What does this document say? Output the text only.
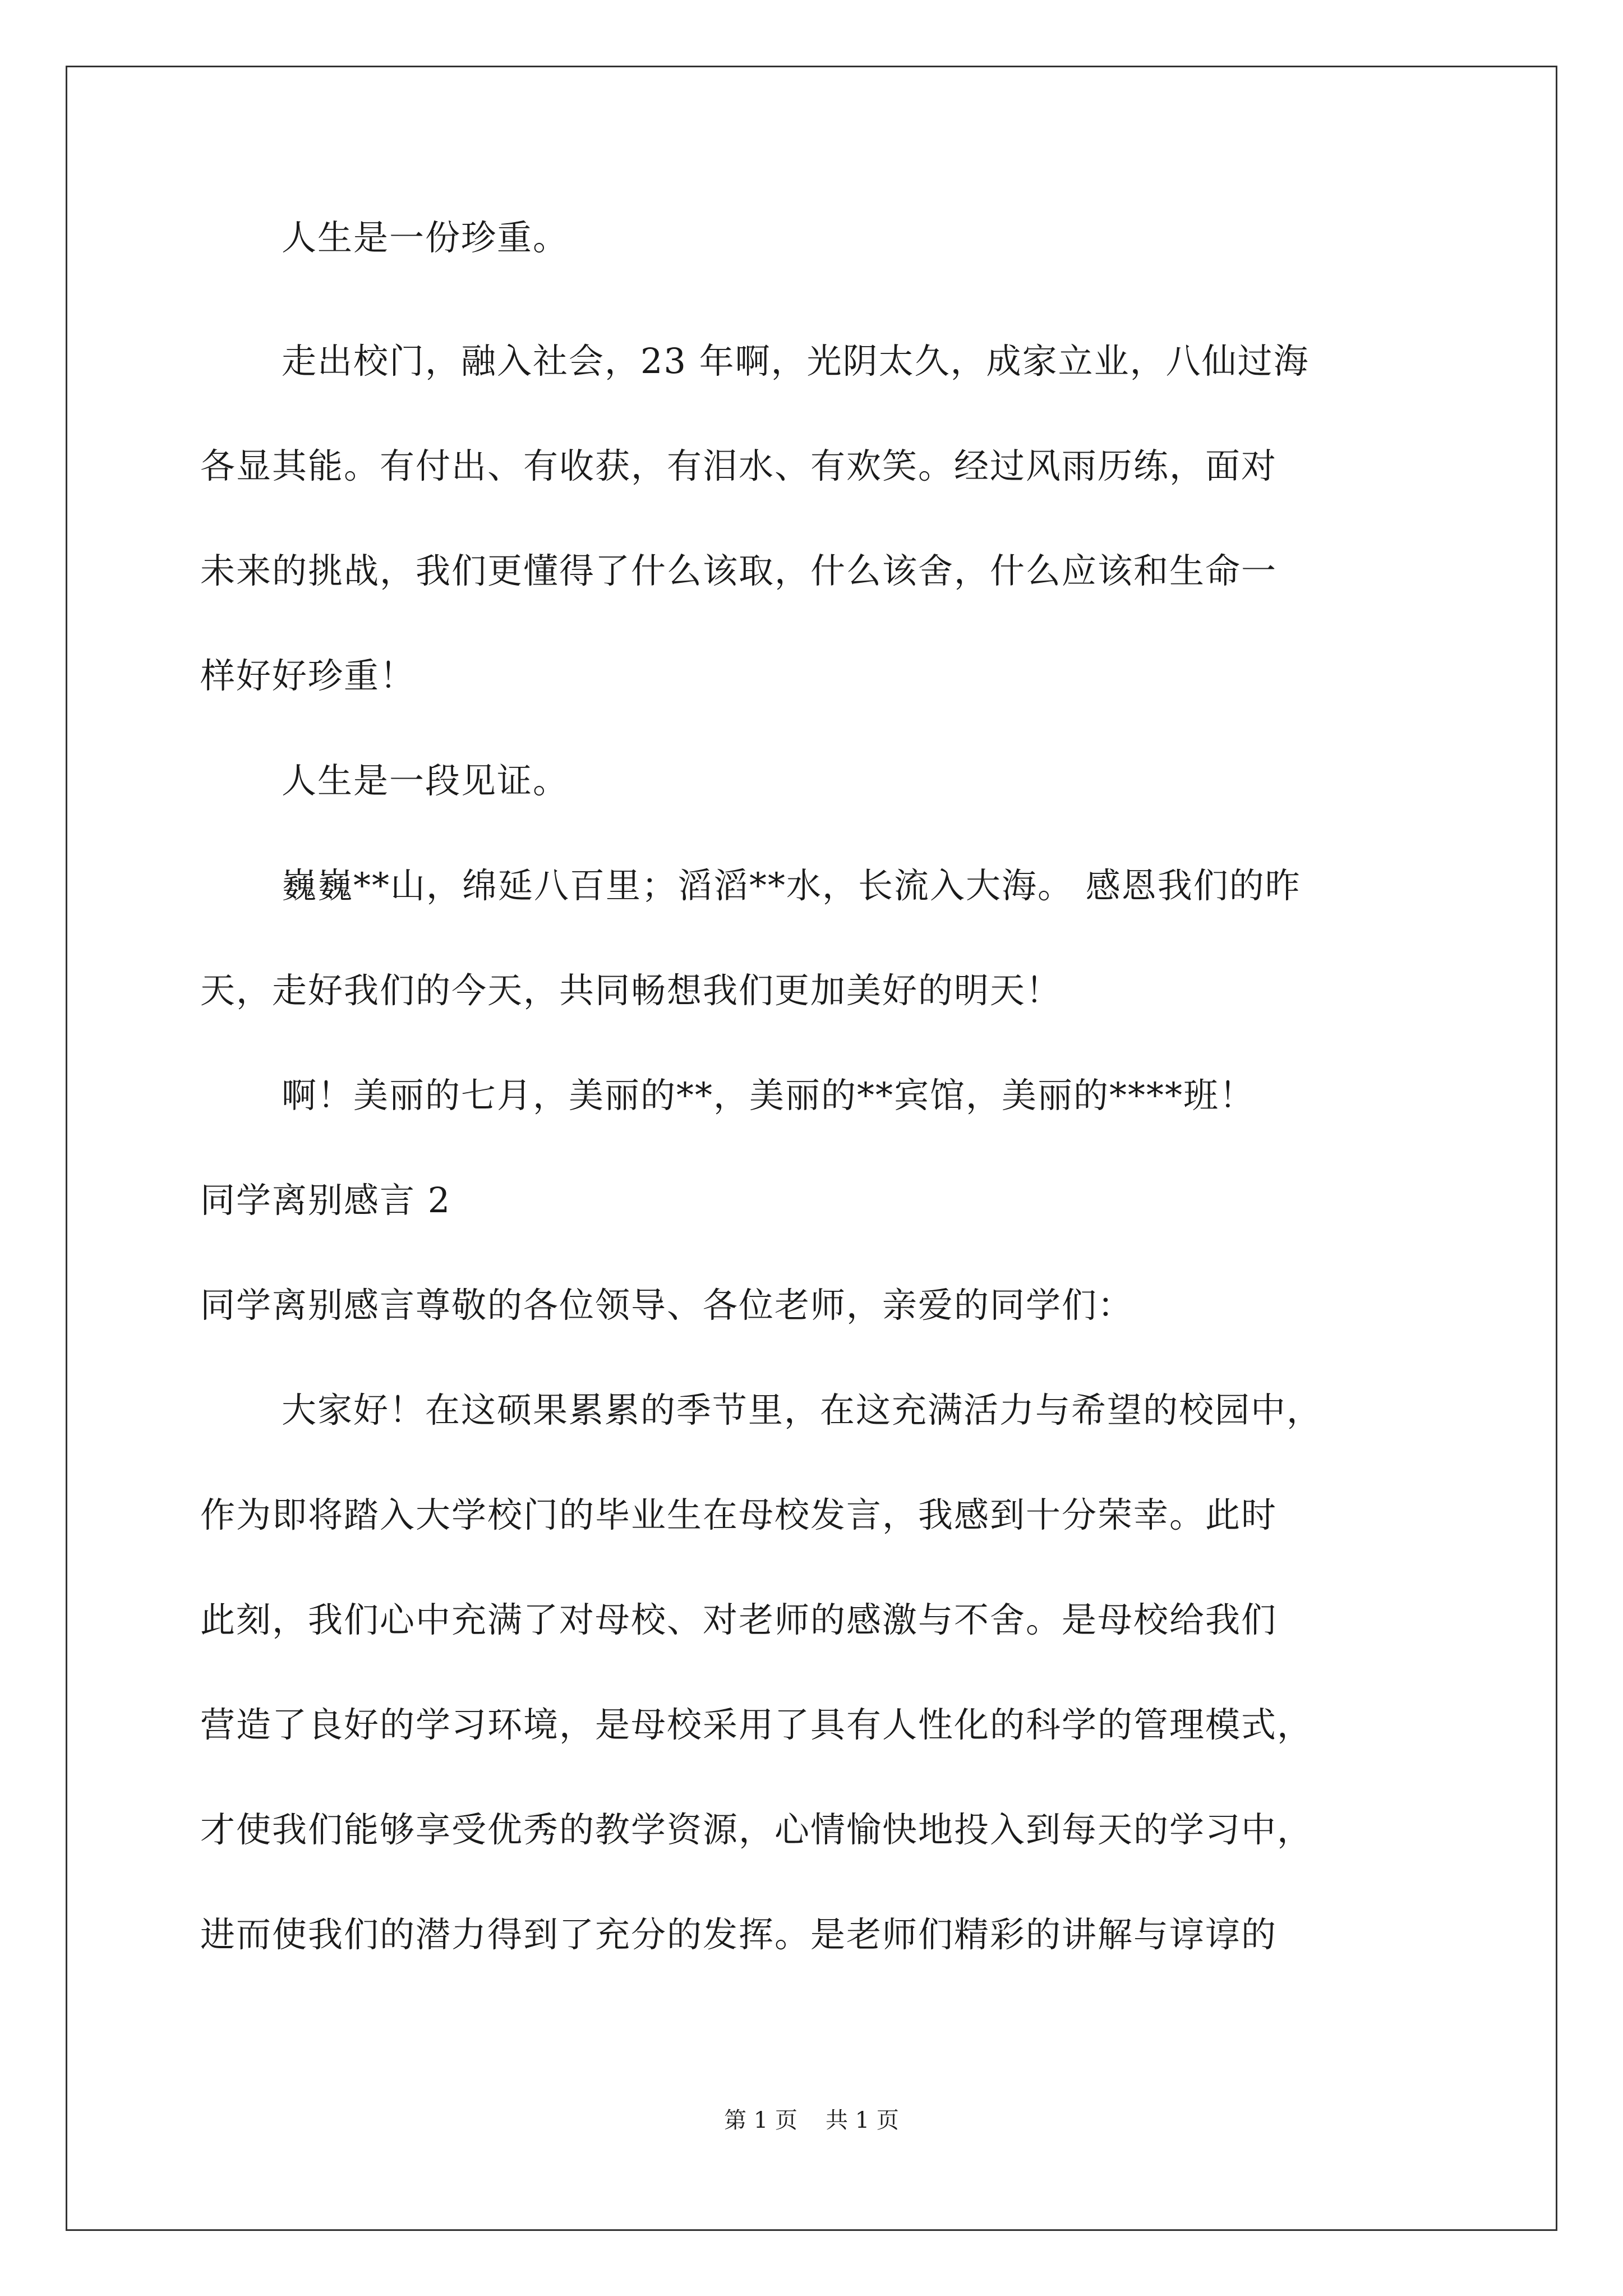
人生是一份珍重。
走出校门，融入社会，23 年啊，光阴太久，成家立业，八仙过海
各显其能。有付出、有收获，有泪水、有欢笑。经过风雨历练，面对
未来的挑战，我们更懂得了什么该取，什么该舍，什么应该和生命一
样好好珍重！
人生是一段见证。
巍巍**山，绵延八百里；滔滔**水，长流入大海。 感恩我们的昨
天，走好我们的今天，共同畅想我们更加美好的明天！
啊！美丽的七月，美丽的**，美丽的**宾馆，美丽的****班！
同学离别感言 2
同学离别感言尊敬的各位领导、各位老师，亲爱的同学们：
大家好！在这硕果累累的季节里，在这充满活力与希望的校园中，
作为即将踏入大学校门的毕业生在母校发言，我感到十分荣幸。此时
此刻，我们心中充满了对母校、对老师的感激与不舍。是母校给我们
营造了良好的学习环境，是母校采用了具有人性化的科学的管理模式，
才使我们能够享受优秀的教学资源，心情愉快地投入到每天的学习中，
进而使我们的潜力得到了充分的发挥。是老师们精彩的讲解与谆谆的
第 1 页 共 1 页
